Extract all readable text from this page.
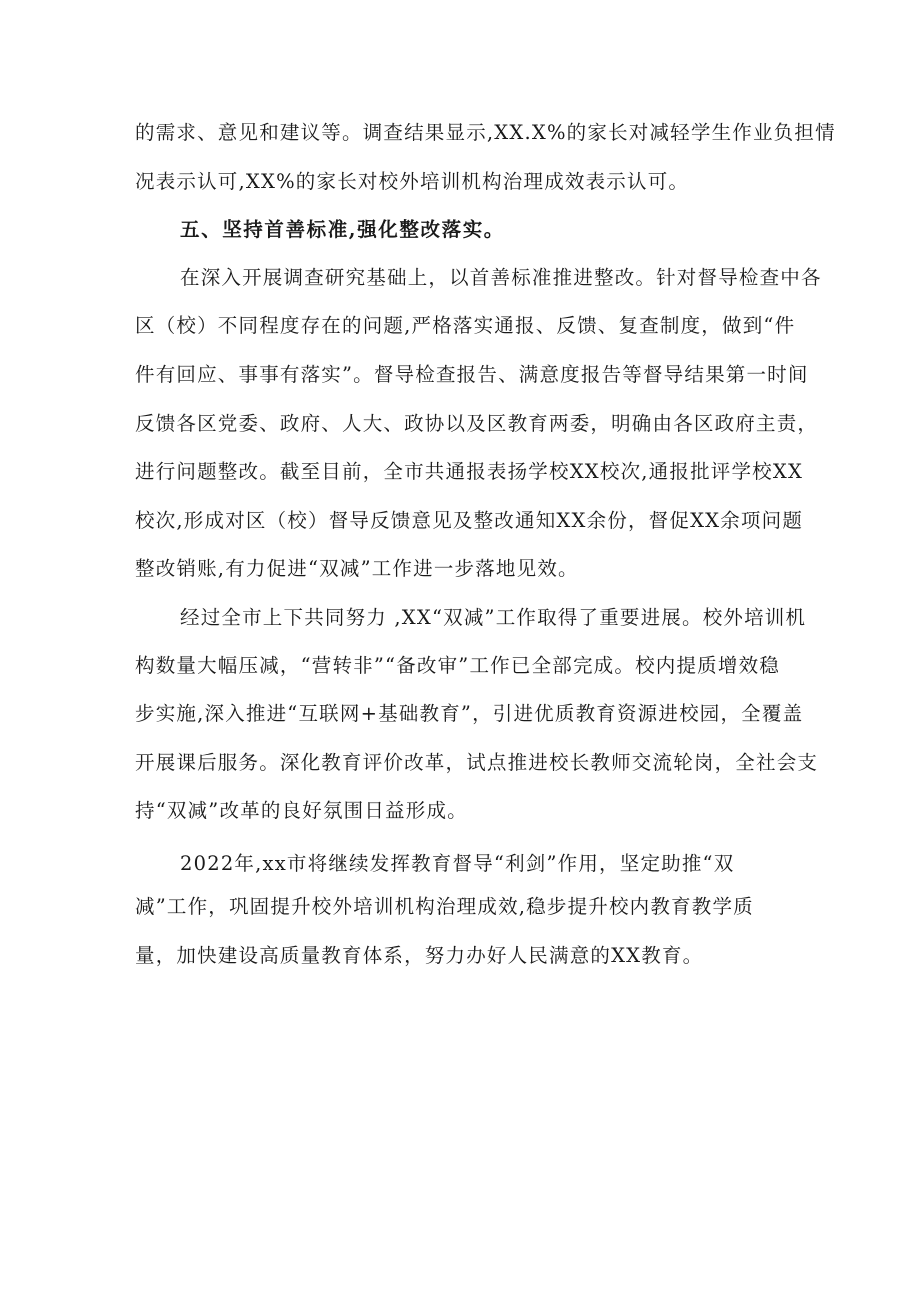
的需求、意见和建议等。调查结果显示,XX.X%的家长对减轻学生作业负担情
况表示认可,XX%的家长对校外培训机构治理成效表示认可。
五、坚持首善标准,强化整改落实。
在深入开展调查研究基础上，以首善标准推进整改。针对督导检查中各
区（校）不同程度存在的问题,严格落实通报、反馈、复查制度，做到“件
件有回应、事事有落实”。督导检查报告、满意度报告等督导结果第一时间
反馈各区党委、政府、人大、政协以及区教育两委，明确由各区政府主责，
进行问题整改。截至目前，全市共通报表扬学校XX校次,通报批评学校XX
校次,形成对区（校）督导反馈意见及整改通知XX余份，督促XX余项问题
整改销账,有力促进“双减”工作进一步落地见效。
经过全市上下共同努力 ,XX“双减”工作取得了重要进展。校外培训机
构数量大幅压减，“营转非”“备改审”工作已全部完成。校内提质增效稳
步实施,深入推进“互联网+基础教育”，引进优质教育资源进校园，全覆盖
开展课后服务。深化教育评价改革，试点推进校长教师交流轮岗，全社会支
持“双减”改革的良好氛围日益形成。
2022年,xx市将继续发挥教育督导“利剑”作用，坚定助推“双
减”工作，巩固提升校外培训机构治理成效,稳步提升校内教育教学质
量，加快建设高质量教育体系，努力办好人民满意的XX教育。
